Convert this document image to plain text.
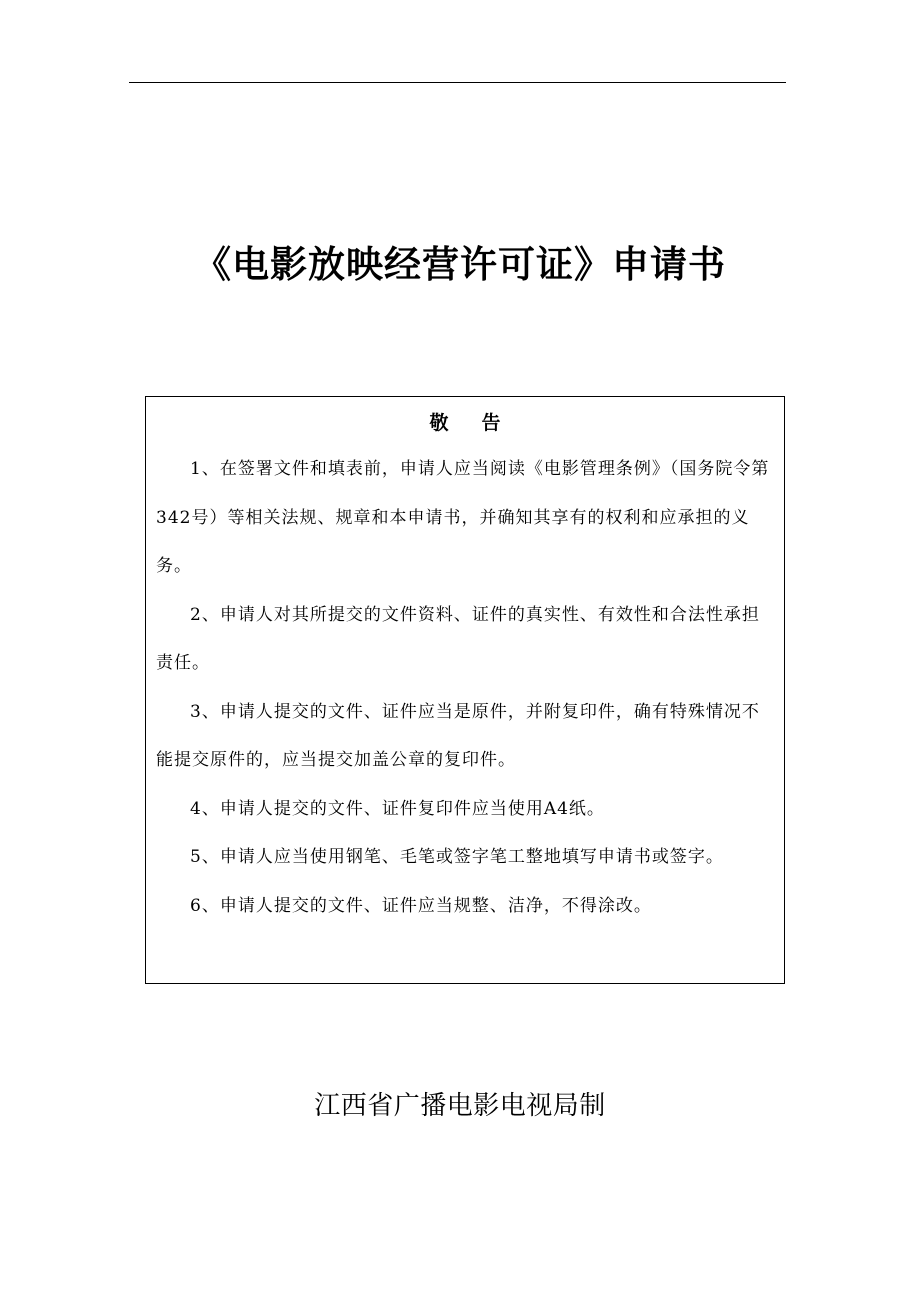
《电影放映经营许可证》申请书
敬     告

1、在签署文件和填表前，申请人应当阅读《电影管理条例》（国务院令第342号）等相关法规、规章和本申请书，并确知其享有的权利和应承担的义务。

2、申请人对其所提交的文件资料、证件的真实性、有效性和合法性承担责任。

3、申请人提交的文件、证件应当是原件，并附复印件，确有特殊情况不能提交原件的，应当提交加盖公章的复印件。

4、申请人提交的文件、证件复印件应当使用A4纸。

5、申请人应当使用钢笔、毛笔或签字笔工整地填写申请书或签字。

6、申请人提交的文件、证件应当规整、洁净，不得涂改。

江西省广播电影电视局制
